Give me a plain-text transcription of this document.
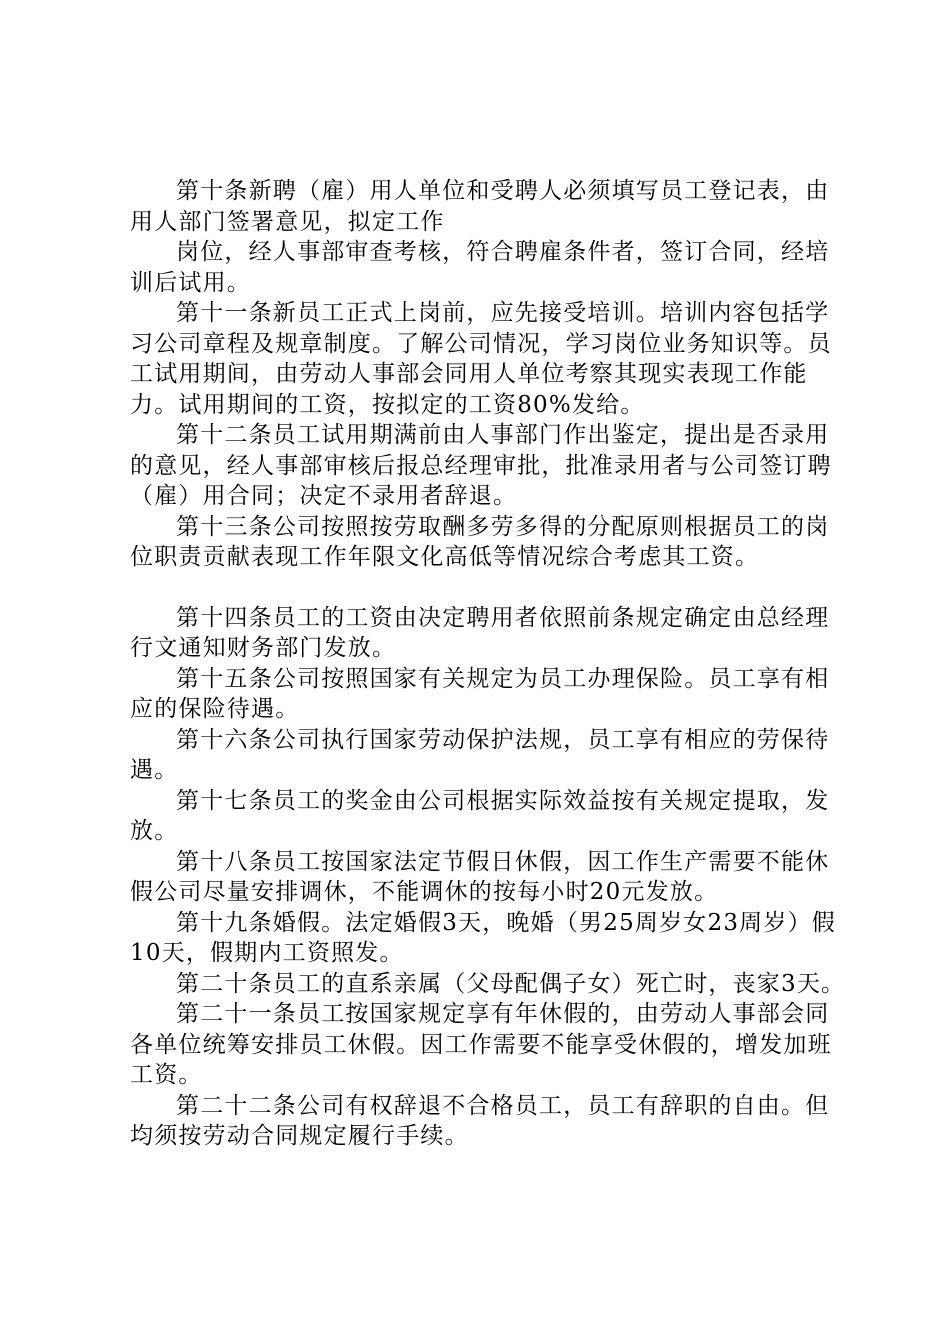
第十条新聘（雇）用人单位和受聘人必须填写员工登记表，由用人部门签署意见，拟定工作

岗位，经人事部审查考核，符合聘雇条件者，签订合同，经培训后试用。

第十一条新员工正式上岗前，应先接受培训。培训内容包括学习公司章程及规章制度。了解公司情况，学习岗位业务知识等。员工试用期间，由劳动人事部会同用人单位考察其现实表现工作能力。试用期间的工资，按拟定的工资80%发给。

第十二条员工试用期满前由人事部门作出鉴定，提出是否录用的意见，经人事部审核后报总经理审批，批准录用者与公司签订聘（雇）用合同；决定不录用者辞退。

第十三条公司按照按劳取酬多劳多得的分配原则根据员工的岗位职责贡献表现工作年限文化高低等情况综合考虑其工资。

第十四条员工的工资由决定聘用者依照前条规定确定由总经理行文通知财务部门发放。

第十五条公司按照国家有关规定为员工办理保险。员工享有相应的保险待遇。

第十六条公司执行国家劳动保护法规，员工享有相应的劳保待遇。

第十七条员工的奖金由公司根据实际效益按有关规定提取，发放。

第十八条员工按国家法定节假日休假，因工作生产需要不能休假公司尽量安排调休，不能调休的按每小时20元发放。

第十九条婚假。法定婚假3天，晚婚（男25周岁女23周岁）假10天，假期内工资照发。

第二十条员工的直系亲属（父母配偶子女）死亡时，丧家3天。

第二十一条员工按国家规定享有年休假的，由劳动人事部会同各单位统筹安排员工休假。因工作需要不能享受休假的，增发加班工资。

第二十二条公司有权辞退不合格员工，员工有辞职的自由。但均须按劳动合同规定履行手续。
